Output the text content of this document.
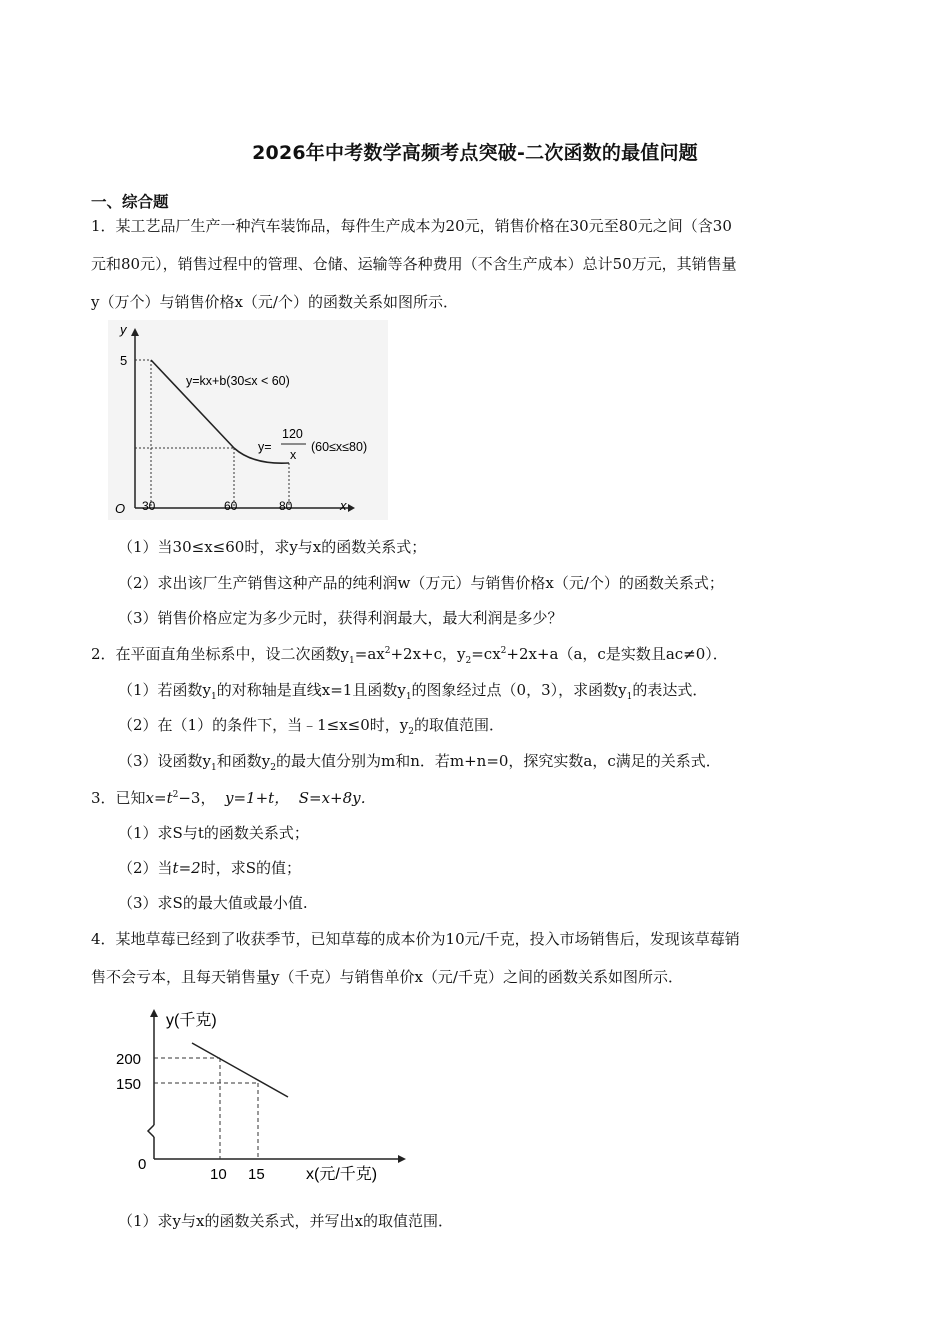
2026年中考数学高频考点突破-二次函数的最值问题
一、综合题
1．某工艺品厂生产一种汽车装饰品，每件生产成本为20元，销售价格在30元至80元之间（含30
元和80元），销售过程中的管理、仓储、运输等各种费用（不含生产成本）总计50万元，其销售量
y（万个）与销售价格x（元/个）的函数关系如图所示．
y
x
O
5
30	60	80
y=kx+b(30≤x < 60)
y=
120
x
(60≤x≤80)
（1）当30≤x≤60时，求y与x的函数关系式；
（2）求出该厂生产销售这种产品的纯利润w（万元）与销售价格x（元/个）的函数关系式；
（3）销售价格应定为多少元时，获得利润最大，最大利润是多少？
2．在平面直角坐标系中，设二次函数$y_1=ax^2+2x+c$，$y_2=cx^2+2x+a(a$，c是实数且ac≠0）．
（1）若函数$y_1$的对称轴是直线x=1且函数$y_1$的图象经过点（0，3），求函数$y_1$的表达式．
（2）在（1）的条件下，当﹣1≤x≤0时，$y_2$的取值范围．
（3）设函数$y_1$和函数$y_2$的最大值分别为m和n．若m+n=0，探究实数a，c满足的关系式．
3．已知$x=t^2-3$， y=1+t， S=x+8y．
（1）求S与t的函数关系式；
（2）当t=2时，求S的值；
（3）求S的最大值或最小值.
4．某地草莓已经到了收获季节，已知草莓的成本价为10元/千克，投入市场销售后，发现该草莓销
售不会亏本，且每天销售量y（千克）与销售单价x（元/千克）之间的函数关系如图所示．
y(千克)
x(元/千克)
0
200
150
10 15
（1）求y与x的函数关系式，并写出x的取值范围．
